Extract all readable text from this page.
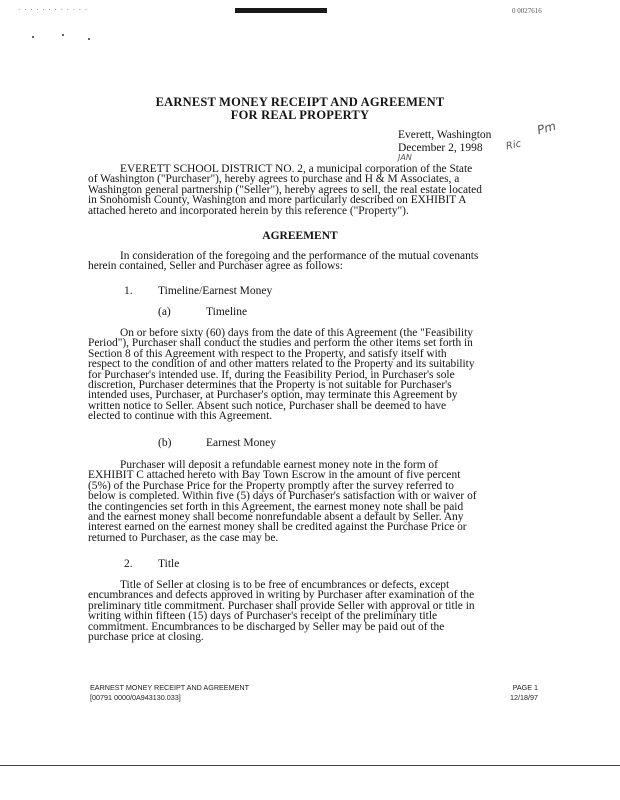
· · · · · · · · · · · ·	0 0027616
EARNEST MONEY RECEIPT AND AGREEMENT
FOR REAL PROPERTY
Everett, Washington
December 2, 1998
JAN
Ric
Pm
EVERETT SCHOOL DISTRICT NO. 2, a municipal corporation of the State
of Washington ("Purchaser"), hereby agrees to purchase and H & M Associates, a
Washington general partnership ("Seller"), hereby agrees to sell, the real estate located
in Snohomish County, Washington and more particularly described on EXHIBIT A
attached hereto and incorporated herein by this reference ("Property").
AGREEMENT
In consideration of the foregoing and the performance of the mutual covenants
herein contained, Seller and Purchaser agree as follows:
1. Timeline/Earnest Money
(a)	Timeline
On or before sixty (60) days from the date of this Agreement (the "Feasibility
Period"), Purchaser shall conduct the studies and perform the other items set forth in
Section 8 of this Agreement with respect to the Property, and satisfy itself with
respect to the condition of and other matters related to the Property and its suitability
for Purchaser's intended use. If, during the Feasibility Period, in Purchaser's sole
discretion, Purchaser determines that the Property is not suitable for Purchaser's
intended uses, Purchaser, at Purchaser's option, may terminate this Agreement by
written notice to Seller. Absent such notice, Purchaser shall be deemed to have
elected to continue with this Agreement.
(b)	Earnest Money
Purchaser will deposit a refundable earnest money note in the form of
EXHIBIT C attached hereto with Bay Town Escrow in the amount of five percent
(5%) of the Purchase Price for the Property promptly after the survey referred to
below is completed. Within five (5) days of Purchaser's satisfaction with or waiver of
the contingencies set forth in this Agreement, the earnest money note shall be paid
and the earnest money shall become nonrefundable absent a default by Seller. Any
interest earned on the earnest money shall be credited against the Purchase Price or
returned to Purchaser, as the case may be.
2. Title
Title of Seller at closing is to be free of encumbrances or defects, except
encumbrances and defects approved in writing by Purchaser after examination of the
preliminary title commitment. Purchaser shall provide Seller with approval or title in
writing within fifteen (15) days of Purchaser's receipt of the preliminary title
commitment. Encumbrances to be discharged by Seller may be paid out of the
purchase price at closing.
EARNEST MONEY RECEIPT AND AGREEMENT
[00791 0000/0A943130.033]
PAGE 1
12/18/97
